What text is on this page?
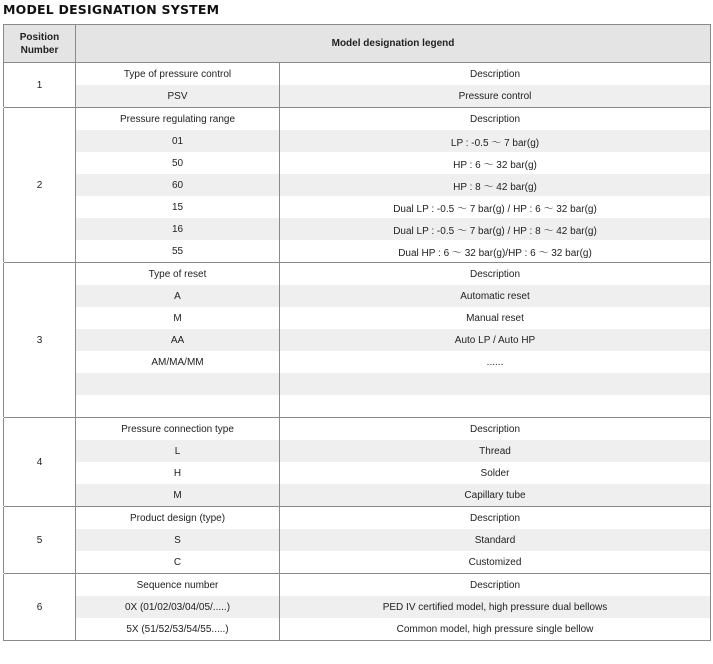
MODEL DESIGNATION SYSTEM
Position
Number	Model designation legend	
1	Type of pressure control	Description
	PSV	Pressure control

2	Pressure regulating range	Description
	01	LP : -0.5 ～ 7 bar(g)
	50	HP : 6 ～ 32 bar(g)
	60	HP : 8 ～ 42 bar(g)
	15	Dual LP : -0.5 ～ 7 bar(g) / HP : 6 ～ 32 bar(g)
	16	Dual LP : -0.5 ～ 7 bar(g) / HP : 8 ～ 42 bar(g)
	55	Dual HP : 6 ～ 32 bar(g)/HP : 6 ～ 32 bar(g)

3	Type of reset	Description
	A	Automatic reset
	M	Manual reset
	AA	Auto LP / Auto HP
	AM/MA/MM	......

4	Pressure connection type	Description
	L	Thread
	H	Solder
	M	Capillary tube

5	Product design (type)	Description
	S	Standard
	C	Customized

6	Sequence number	Description
	0X (01/02/03/04/05/.....)	PED IV certified model, high pressure dual bellows
	5X (51/52/53/54/55.....)	Common model, high pressure single bellow
